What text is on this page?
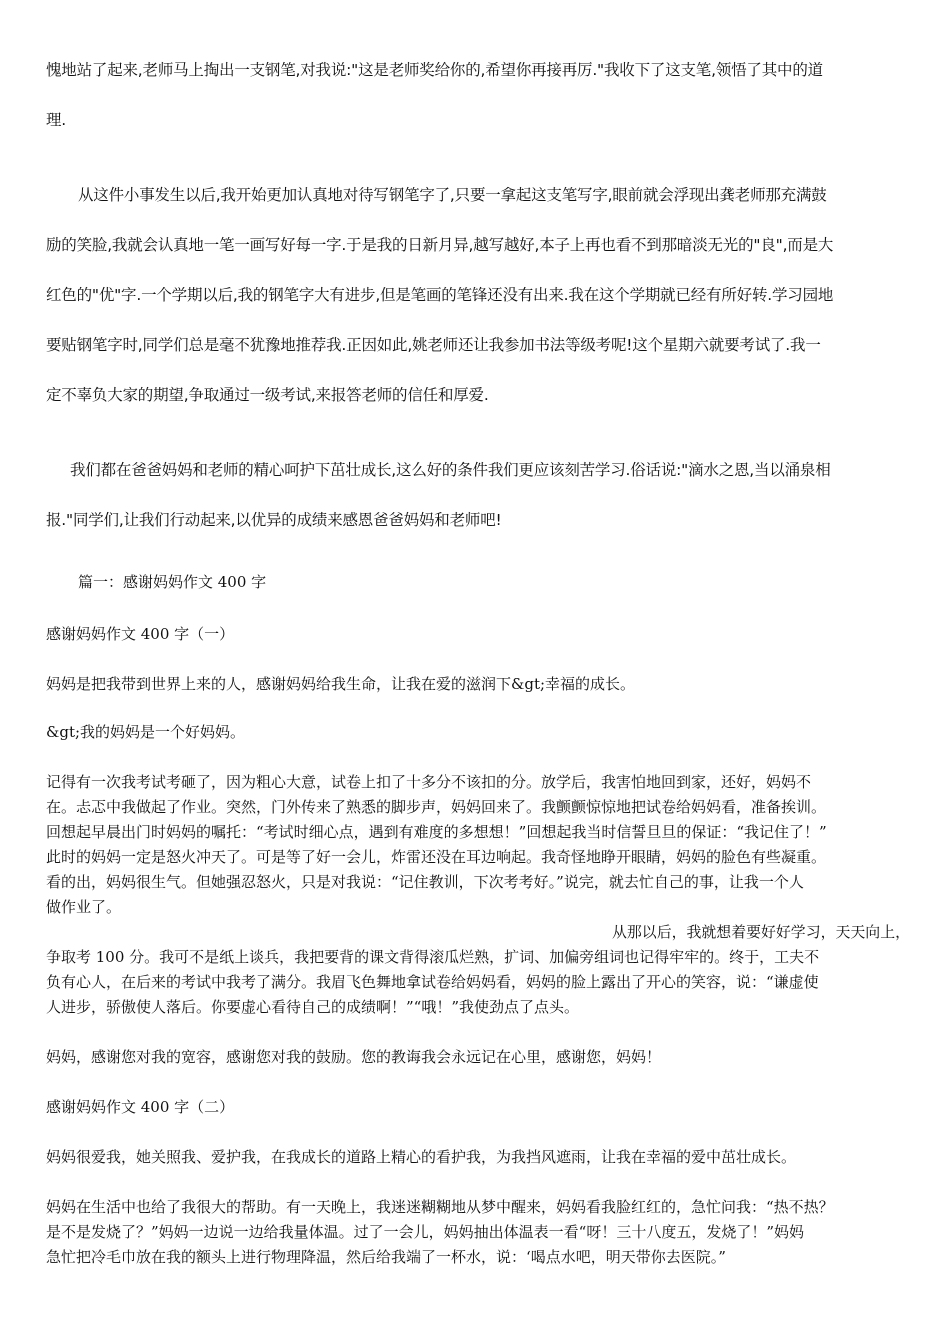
愧地站了起来,老师马上掏出一支钢笔,对我说:"这是老师奖给你的,希望你再接再厉."我收下了这支笔,领悟了其中的道
理.
从这件小事发生以后,我开始更加认真地对待写钢笔字了,只要一拿起这支笔写字,眼前就会浮现出龚老师那充满鼓
励的笑脸,我就会认真地一笔一画写好每一字.于是我的日新月异,越写越好,本子上再也看不到那暗淡无光的"良",而是大
红色的"优"字.一个学期以后,我的钢笔字大有进步,但是笔画的笔锋还没有出来.我在这个学期就已经有所好转.学习园地
要贴钢笔字时,同学们总是毫不犹豫地推荐我.正因如此,姚老师还让我参加书法等级考呢!这个星期六就要考试了.我一
定不辜负大家的期望,争取通过一级考试,来报答老师的信任和厚爱.
我们都在爸爸妈妈和老师的精心呵护下茁壮成长,这么好的条件我们更应该刻苦学习.俗话说:"滴水之恩,当以涌泉相
报."同学们,让我们行动起来,以优异的成绩来感恩爸爸妈妈和老师吧!
篇一：感谢妈妈作文 400 字
感谢妈妈作文 400 字（一）
妈妈是把我带到世界上来的人，感谢妈妈给我生命，让我在爱的滋润下&gt;幸福的成长。
&gt;我的妈妈是一个好妈妈。
记得有一次我考试考砸了，因为粗心大意，试卷上扣了十多分不该扣的分。放学后，我害怕地回到家，还好，妈妈不
在。忐忑中我做起了作业。突然，门外传来了熟悉的脚步声，妈妈回来了。我颤颤惊惊地把试卷给妈妈看，准备挨训。
回想起早晨出门时妈妈的嘱托：“考试时细心点，遇到有难度的多想想！”回想起我当时信誓旦旦的保证：“我记住了！”
此时的妈妈一定是怒火冲天了。可是等了好一会儿，炸雷还没在耳边响起。我奇怪地睁开眼睛，妈妈的脸色有些凝重。
看的出，妈妈很生气。但她强忍怒火，只是对我说：“记住教训，下次考考好。”说完，就去忙自己的事，让我一个人
做作业了。
从那以后，我就想着要好好学习，天天向上，
争取考 100 分。我可不是纸上谈兵，我把要背的课文背得滚瓜烂熟，扩词、加偏旁组词也记得牢牢的。终于，工夫不
负有心人，在后来的考试中我考了满分。我眉飞色舞地拿试卷给妈妈看，妈妈的脸上露出了开心的笑容，说：“谦虚使
人进步，骄傲使人落后。你要虚心看待自己的成绩啊！”“哦！”我使劲点了点头。
妈妈，感谢您对我的宽容，感谢您对我的鼓励。您的教诲我会永远记在心里，感谢您，妈妈！
感谢妈妈作文 400 字（二）
妈妈很爱我，她关照我、爱护我，在我成长的道路上精心的看护我，为我挡风遮雨，让我在幸福的爱中茁壮成长。
妈妈在生活中也给了我很大的帮助。有一天晚上，我迷迷糊糊地从梦中醒来，妈妈看我脸红红的，急忙问我：“热不热？
是不是发烧了？”妈妈一边说一边给我量体温。过了一会儿，妈妈抽出体温表一看“呀！三十八度五，发烧了！”妈妈
急忙把冷毛巾放在我的额头上进行物理降温，然后给我端了一杯水，说：‘喝点水吧，明天带你去医院。”
